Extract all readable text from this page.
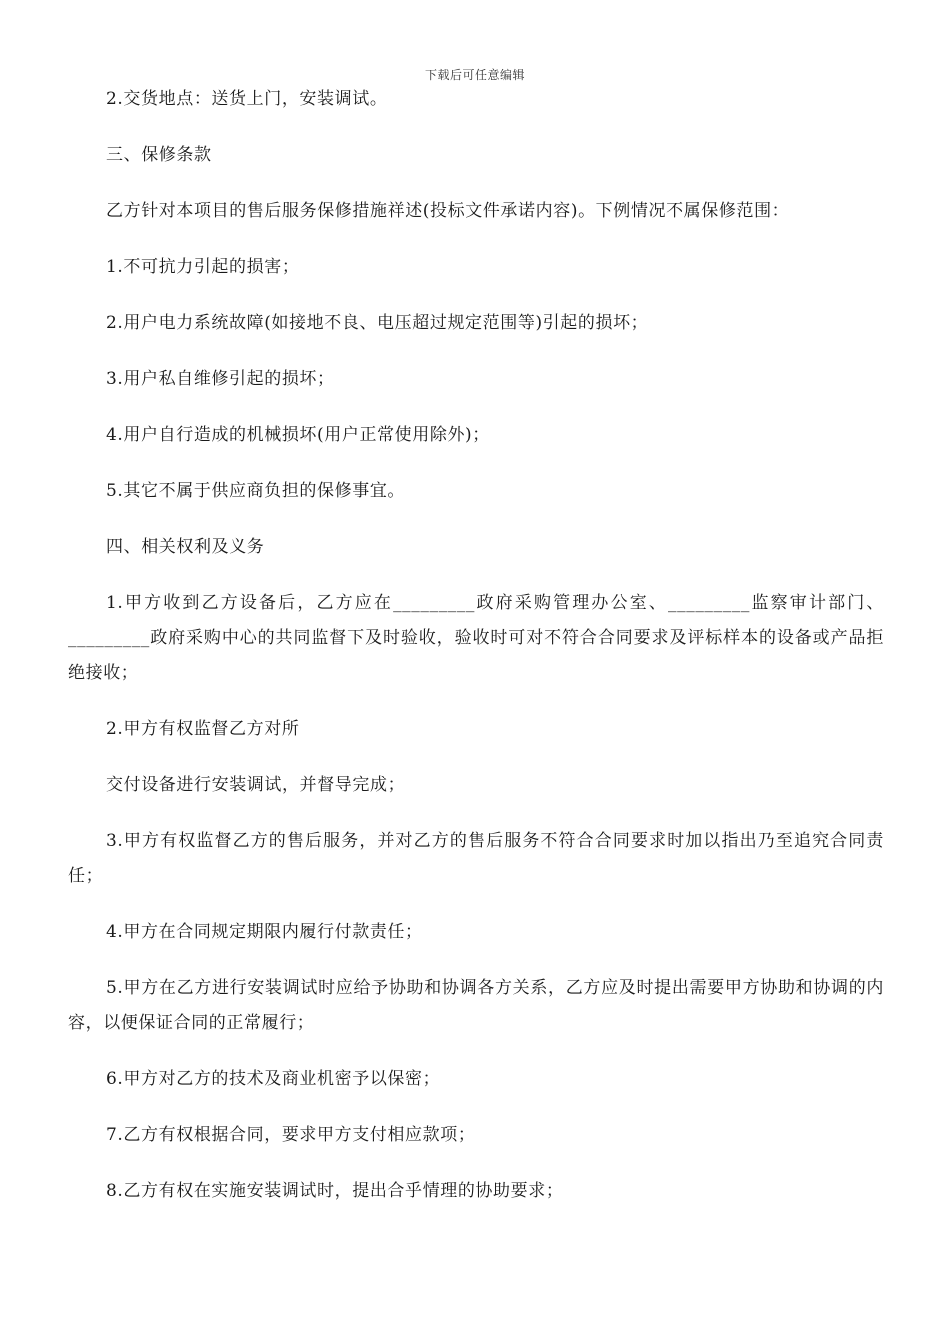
下载后可任意编辑

2.交货地点：送货上门，安装调试。

三、保修条款

乙方针对本项目的售后服务保修措施祥述(投标文件承诺内容)。下例情况不属保修范围：

1.不可抗力引起的损害；

2.用户电力系统故障(如接地不良、电压超过规定范围等)引起的损坏；

3.用户私自维修引起的损坏；

4.用户自行造成的机械损坏(用户正常使用除外)；

5.其它不属于供应商负担的保修事宜。

四、相关权利及义务

1.甲方收到乙方设备后，乙方应在_________政府采购管理办公室、_________监察审计部门、_________政府采购中心的共同监督下及时验收，验收时可对不符合合同要求及评标样本的设备或产品拒绝接收；

2.甲方有权监督乙方对所

交付设备进行安装调试，并督导完成；

3.甲方有权监督乙方的售后服务，并对乙方的售后服务不符合合同要求时加以指出乃至追究合同责任；

4.甲方在合同规定期限内履行付款责任；

5.甲方在乙方进行安装调试时应给予协助和协调各方关系，乙方应及时提出需要甲方协助和协调的内容，以便保证合同的正常履行；

6.甲方对乙方的技术及商业机密予以保密；

7.乙方有权根据合同，要求甲方支付相应款项；

8.乙方有权在实施安装调试时，提出合乎情理的协助要求；
